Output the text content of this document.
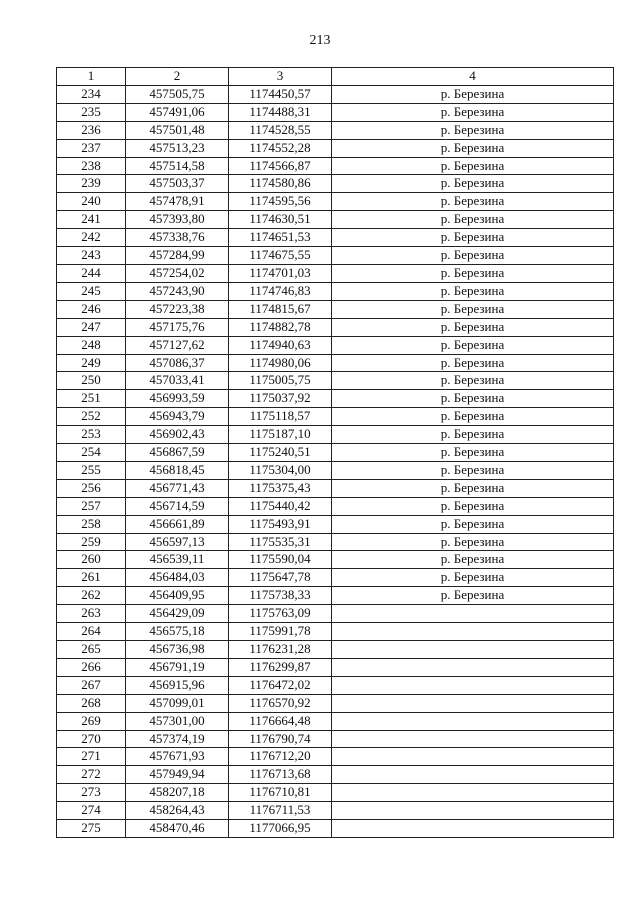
213
1	2	3	4
234	457505,75	1174450,57	р. Березина
235	457491,06	1174488,31	р. Березина
236	457501,48	1174528,55	р. Березина
237	457513,23	1174552,28	р. Березина
238	457514,58	1174566,87	р. Березина
239	457503,37	1174580,86	р. Березина
240	457478,91	1174595,56	р. Березина
241	457393,80	1174630,51	р. Березина
242	457338,76	1174651,53	р. Березина
243	457284,99	1174675,55	р. Березина
244	457254,02	1174701,03	р. Березина
245	457243,90	1174746,83	р. Березина
246	457223,38	1174815,67	р. Березина
247	457175,76	1174882,78	р. Березина
248	457127,62	1174940,63	р. Березина
249	457086,37	1174980,06	р. Березина
250	457033,41	1175005,75	р. Березина
251	456993,59	1175037,92	р. Березина
252	456943,79	1175118,57	р. Березина
253	456902,43	1175187,10	р. Березина
254	456867,59	1175240,51	р. Березина
255	456818,45	1175304,00	р. Березина
256	456771,43	1175375,43	р. Березина
257	456714,59	1175440,42	р. Березина
258	456661,89	1175493,91	р. Березина
259	456597,13	1175535,31	р. Березина
260	456539,11	1175590,04	р. Березина
261	456484,03	1175647,78	р. Березина
262	456409,95	1175738,33	р. Березина
263	456429,09	1175763,09	
264	456575,18	1175991,78	
265	456736,98	1176231,28	
266	456791,19	1176299,87	
267	456915,96	1176472,02	
268	457099,01	1176570,92	
269	457301,00	1176664,48	
270	457374,19	1176790,74	
271	457671,93	1176712,20	
272	457949,94	1176713,68	
273	458207,18	1176710,81	
274	458264,43	1176711,53	
275	458470,46	1177066,95	
